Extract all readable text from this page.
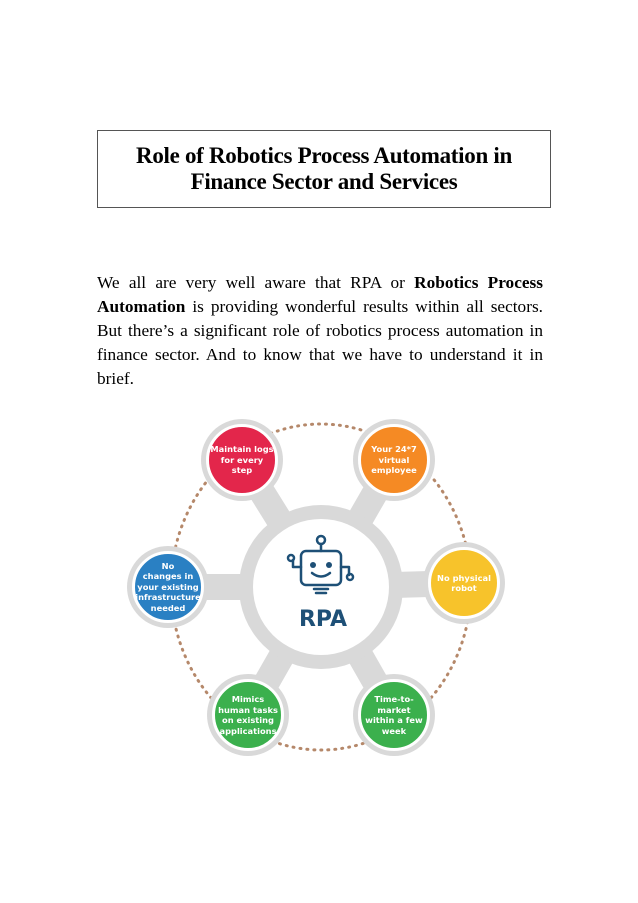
Role of Robotics Process Automation in
Finance Sector and Services
We all are very well aware that RPA or Robotics Process Automation is providing wonderful results within all sectors. But there’s a significant role of robotics process automation in finance sector. And to know that we have to understand it in brief.
RPA
Maintain logs
for every
step
Your 24*7
virtual
employee
No physical
robot
Time-to-
market
within a few
week
Mimics
human tasks
on existing
applications
No
changes in
your existing
infrastructure
needed
